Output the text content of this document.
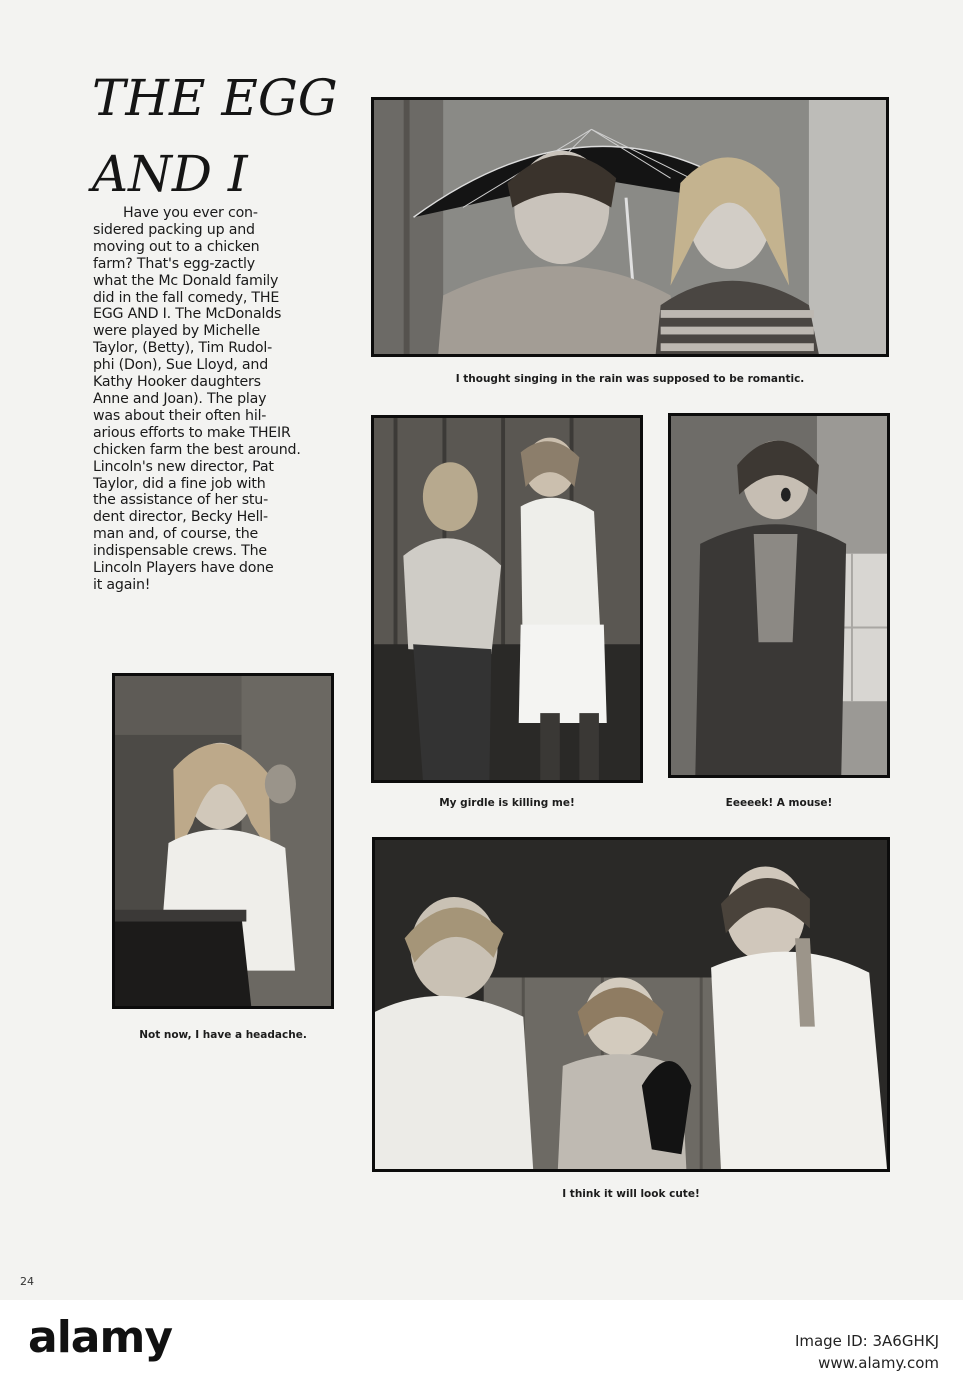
THE EGG
AND I

Have you ever con-
sidered packing up and
moving out to a chicken
farm? That's egg-zactly
what the Mc Donald family
did in the fall comedy, THE
EGG AND I. The McDonalds
were played by Michelle
Taylor, (Betty), Tim Rudol-
phi (Don), Sue Lloyd, and
Kathy Hooker daughters
Anne and Joan). The play
was about their often hil-
arious efforts to make THEIR
chicken farm the best around.
Lincoln's new director, Pat
Taylor, did a fine job with
the assistance of her stu-
dent director, Becky Hell-
man and, of course, the
indispensable crews. The
Lincoln Players have done
it again!

I thought singing in the rain was supposed to be romantic.

My girdle is killing me!	Eeeeek! A mouse!

Not now, I have a headache.

I think it will look cute!

24
alamy	Image ID: 3A6GHKJ
www.alamy.com
